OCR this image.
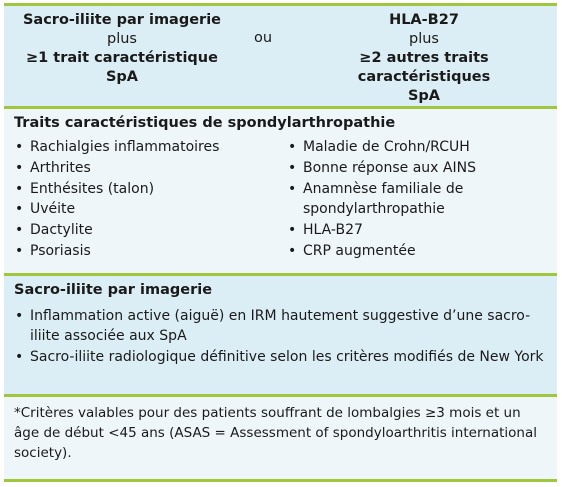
Sacro-iliite par imagerie
plus
≥1 trait caractéristique
SpA
ou
HLA-B27
plus
≥2 autres traits caractéristiques
SpA
Traits caractéristiques de spondylarthropathie
• Rachialgies inflammatoires
• Arthrites
• Enthésites (talon)
• Uvéite
• Dactylite
• Psoriasis
• Maladie de Crohn/RCUH
• Bonne réponse aux AINS
• Anamnèse familiale de spondylarthropathie
• HLA-B27
• CRP augmentée
Sacro-iliite par imagerie
• Inflammation active (aiguë) en IRM hautement suggestive d’une sacro-iliite associée aux SpA
• Sacro-iliite radiologique définitive selon les critères modifiés de New York
*Critères valables pour des patients souffrant de lombalgies ≥3 mois et un âge de début <45 ans (ASAS = Assessment of spondyloarthritis international society).
